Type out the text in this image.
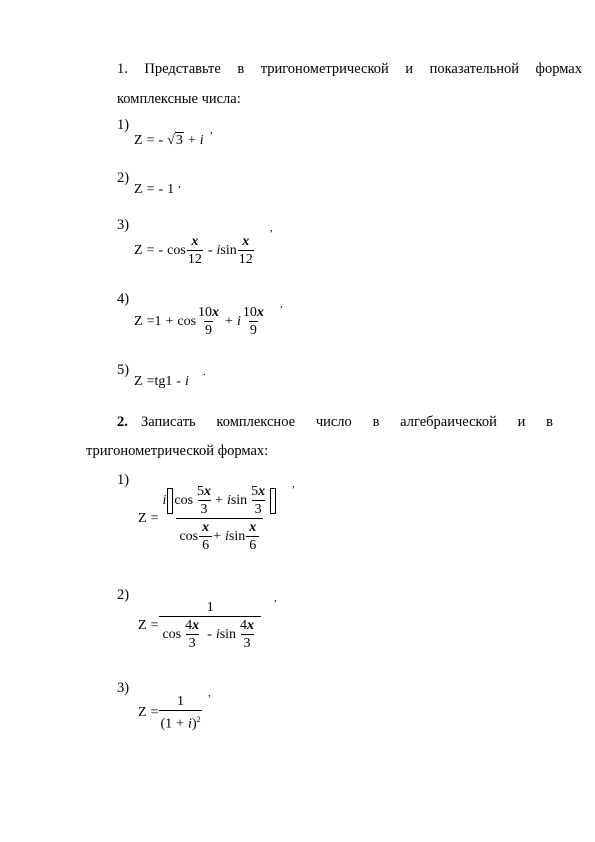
1. Представьте в тригонометрической и показательной формах
комплексные числа:
1)
Z = - √3 + i
,
2)
Z = - 1 ,
3)
Z = - $\cos \frac{x}{12}$ - i $\sin \frac{x}{12}$
,
4)
$Z = 1 + \cos \frac{10x}{9} + i \frac{10x}{9}$
,
5)
Z = tg 1 - i
.
2. Записать комплексное число в алгебраической и в
тригонометрической формах:
1)
Z =
i $\cos \frac{5x}{3} + i$ $\sin \frac{5x}{3}$
$\cos \frac{x}{6} + i$ $\sin \frac{x}{6}$
,
2)
$Z = \frac{1}{\cos \frac{4x}{3} - i \sin \frac{4x}{3}}$
,
3)
$Z = \frac{1}{(1 + i)^2}$
,
